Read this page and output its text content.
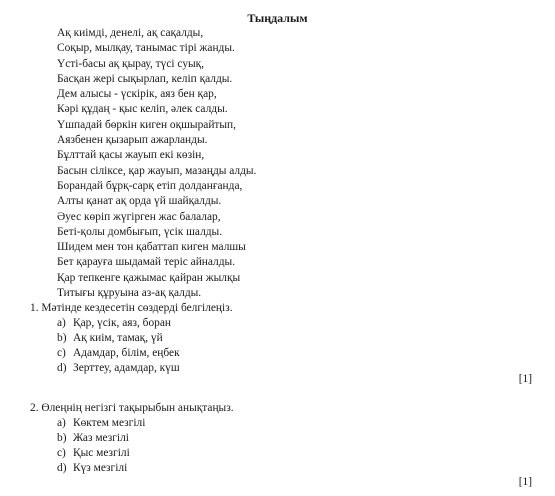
Тыңдалым
Ақ киімді, денелі, ақ сақалды,
Соқыр, мылқау, танымас тірі жанды.
Үсті-басы ақ қырау, түсі суық,
Басқан жері сықырлап, келіп қалды.
Дем алысы - үскірік, аяз бен қар,
Кәрі құдаң - қыс келіп, әлек салды.
Үшпадай бөркін киген оқшырайтып,
Аязбенен қызарып ажарланды.
Бұлттай қасы жауып екі көзін,
Басын сіліксе, қар жауып, мазаңды алды.
Борандай бұрқ-сарқ етіп долданғанда,
Алты қанат ақ орда үй шайқалды.
Әуес көріп жүгірген жас балалар,
Беті-қолы домбығып, үсік шалды.
Шидем мен тон қабаттап киген малшы
Бет қарауға шыдамай теріс айналды.
Қар тепкенге қажымас қайран жылқы
Титығы құруына аз-ақ қалды.
1. Мәтінде кездесетін сөздерді белгілеңіз.
a) Қар, үсік, аяз, боран
b) Ақ киім, тамақ, үй
c) Адамдар, білім, еңбек
d) Зерттеу, адамдар, күш
[1]
2. Өлеңнің негізгі тақырыбын анықтаңыз.
a) Көктем мезгілі
b) Жаз мезгілі
c) Қыс мезгілі
d) Күз мезгілі
[1]
